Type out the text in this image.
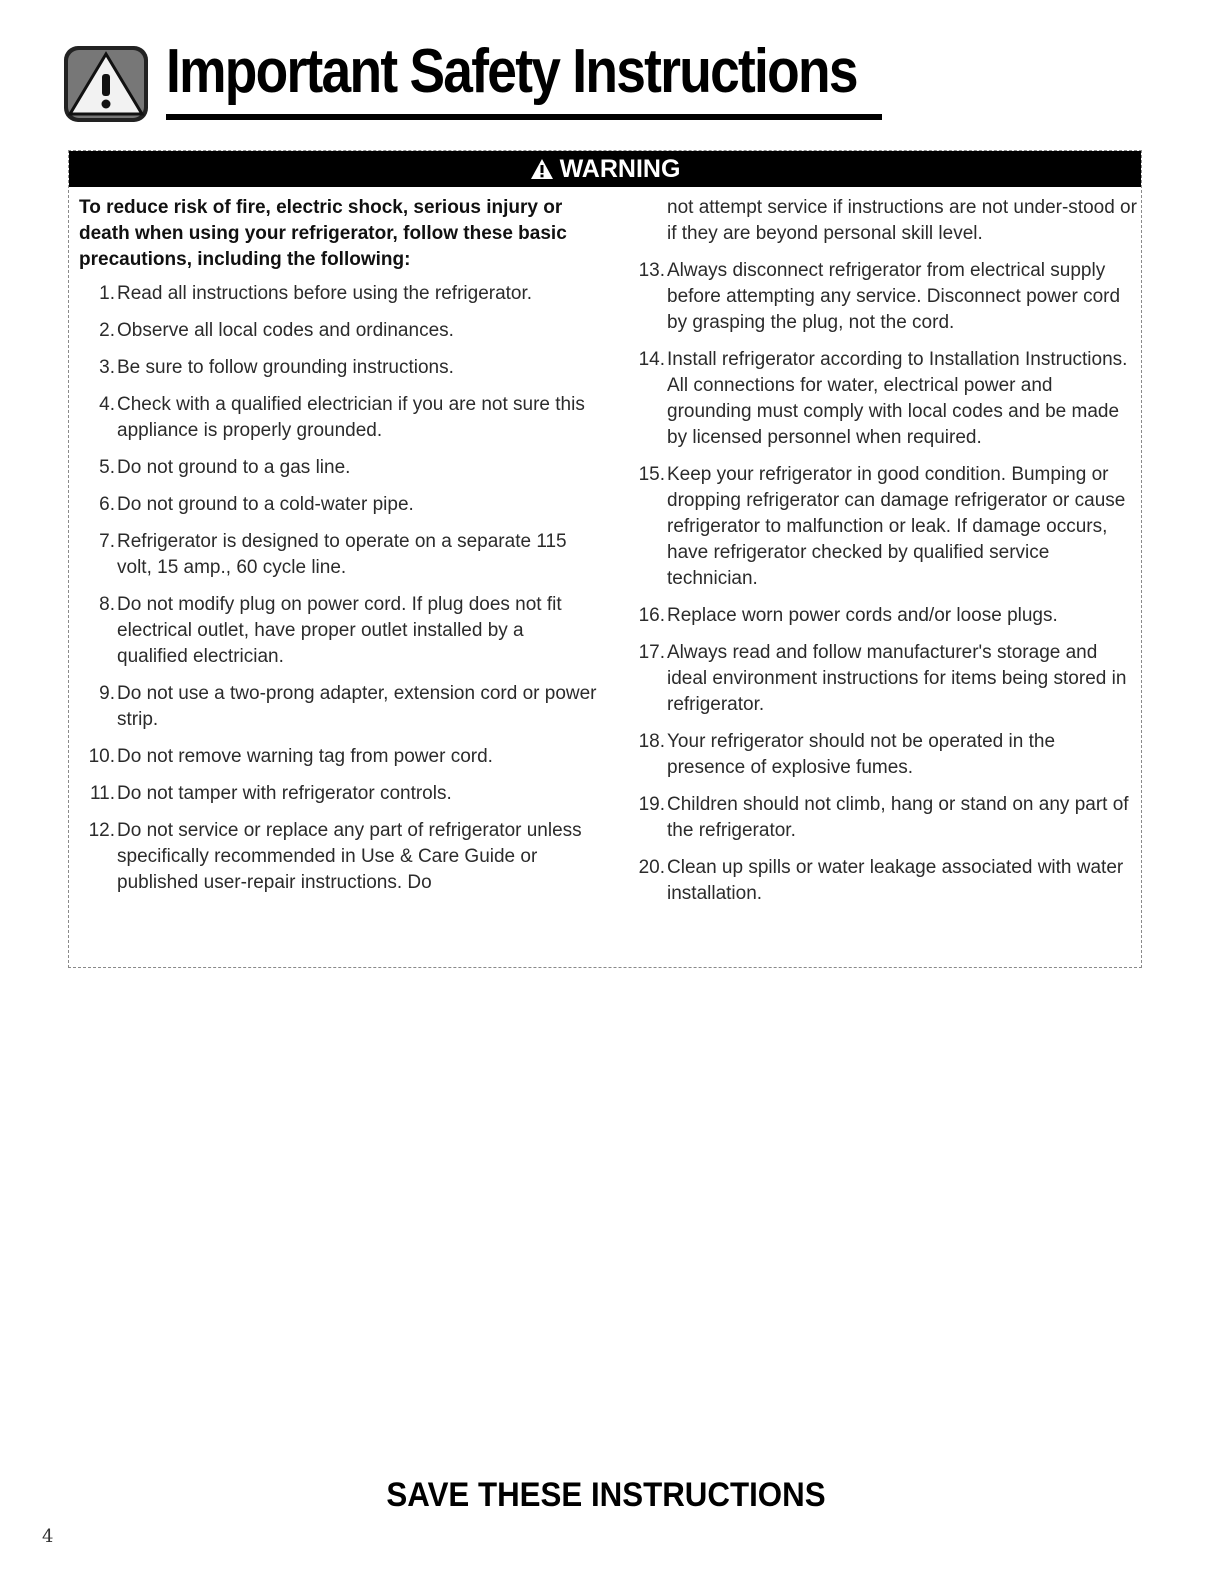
Important Safety Instructions
WARNING

To reduce risk of fire, electric shock, serious injury or death when using your refrigerator, follow these basic precautions, including the following:

1. Read all instructions before using the refrigerator.
2. Observe all local codes and ordinances.
3. Be sure to follow grounding instructions.
4. Check with a qualified electrician if you are not sure this appliance is properly grounded.
5. Do not ground to a gas line.
6. Do not ground to a cold-water pipe.
7. Refrigerator is designed to operate on a separate 115 volt, 15 amp., 60 cycle line.
8. Do not modify plug on power cord. If plug does not fit electrical outlet, have proper outlet installed by a qualified electrician.
9. Do not use a two-prong adapter, extension cord or power strip.
10. Do not remove warning tag from power cord.
11. Do not tamper with refrigerator controls.
12. Do not service or replace any part of refrigerator unless specifically recommended in Use & Care Guide or published user-repair instructions. Do

not attempt service if instructions are not under-stood or if they are beyond personal skill level.

13. Always disconnect refrigerator from electrical supply before attempting any service. Disconnect power cord by grasping the plug, not the cord.
14. Install refrigerator according to Installation Instructions. All connections for water, electrical power and grounding must comply with local codes and be made by licensed personnel when required.
15. Keep your refrigerator in good condition. Bumping or dropping refrigerator can damage refrigerator or cause refrigerator to malfunction or leak. If damage occurs, have refrigerator checked by qualified service technician.
16. Replace worn power cords and/or loose plugs.
17. Always read and follow manufacturer's storage and ideal environment instructions for items being stored in refrigerator.
18. Your refrigerator should not be operated in the presence of explosive fumes.
19. Children should not climb, hang or stand on any part of the refrigerator.
20. Clean up spills or water leakage associated with water installation.
SAVE THESE INSTRUCTIONS
4
